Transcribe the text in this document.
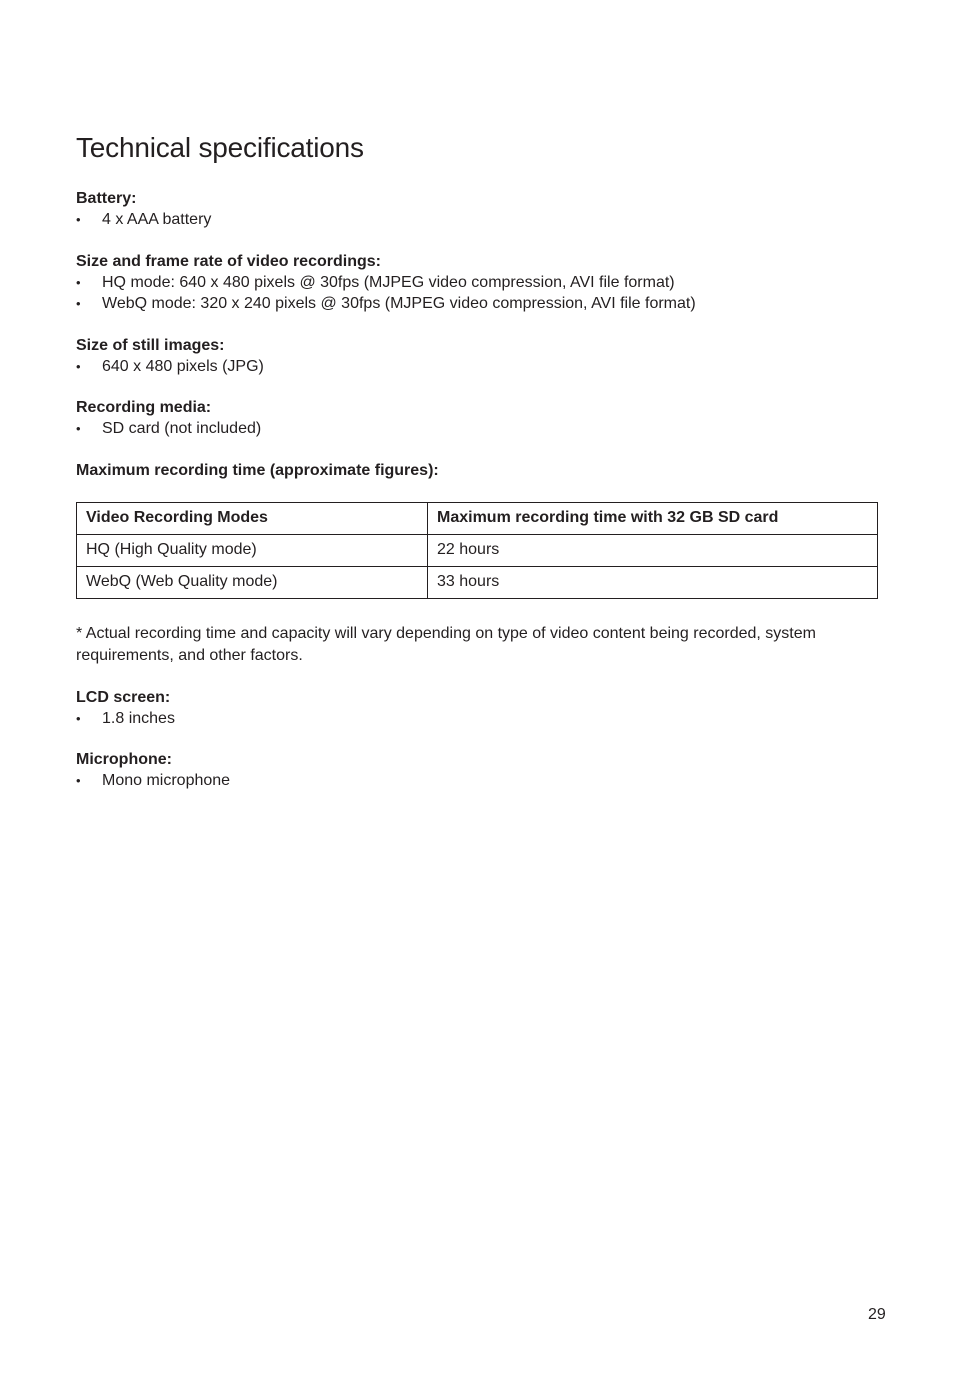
Technical specifications

Battery:

• 4 x AAA battery

Size and frame rate of video recordings:

• HQ mode: 640 x 480 pixels @ 30fps (MJPEG video compression, AVI file format)
• WebQ mode: 320 x 240 pixels @ 30fps (MJPEG video compression, AVI file format)

Size of still images:

• 640 x 480 pixels (JPG)

Recording media:

• SD card (not included)

Maximum recording time (approximate figures):

Video Recording Modes	Maximum recording time with 32 GB SD card
HQ (High Quality mode)	22 hours
WebQ (Web Quality mode)	33 hours

* Actual recording time and capacity will vary depending on type of video content being recorded, system requirements, and other factors.

LCD screen:

• 1.8 inches

Microphone:

• Mono microphone
29
